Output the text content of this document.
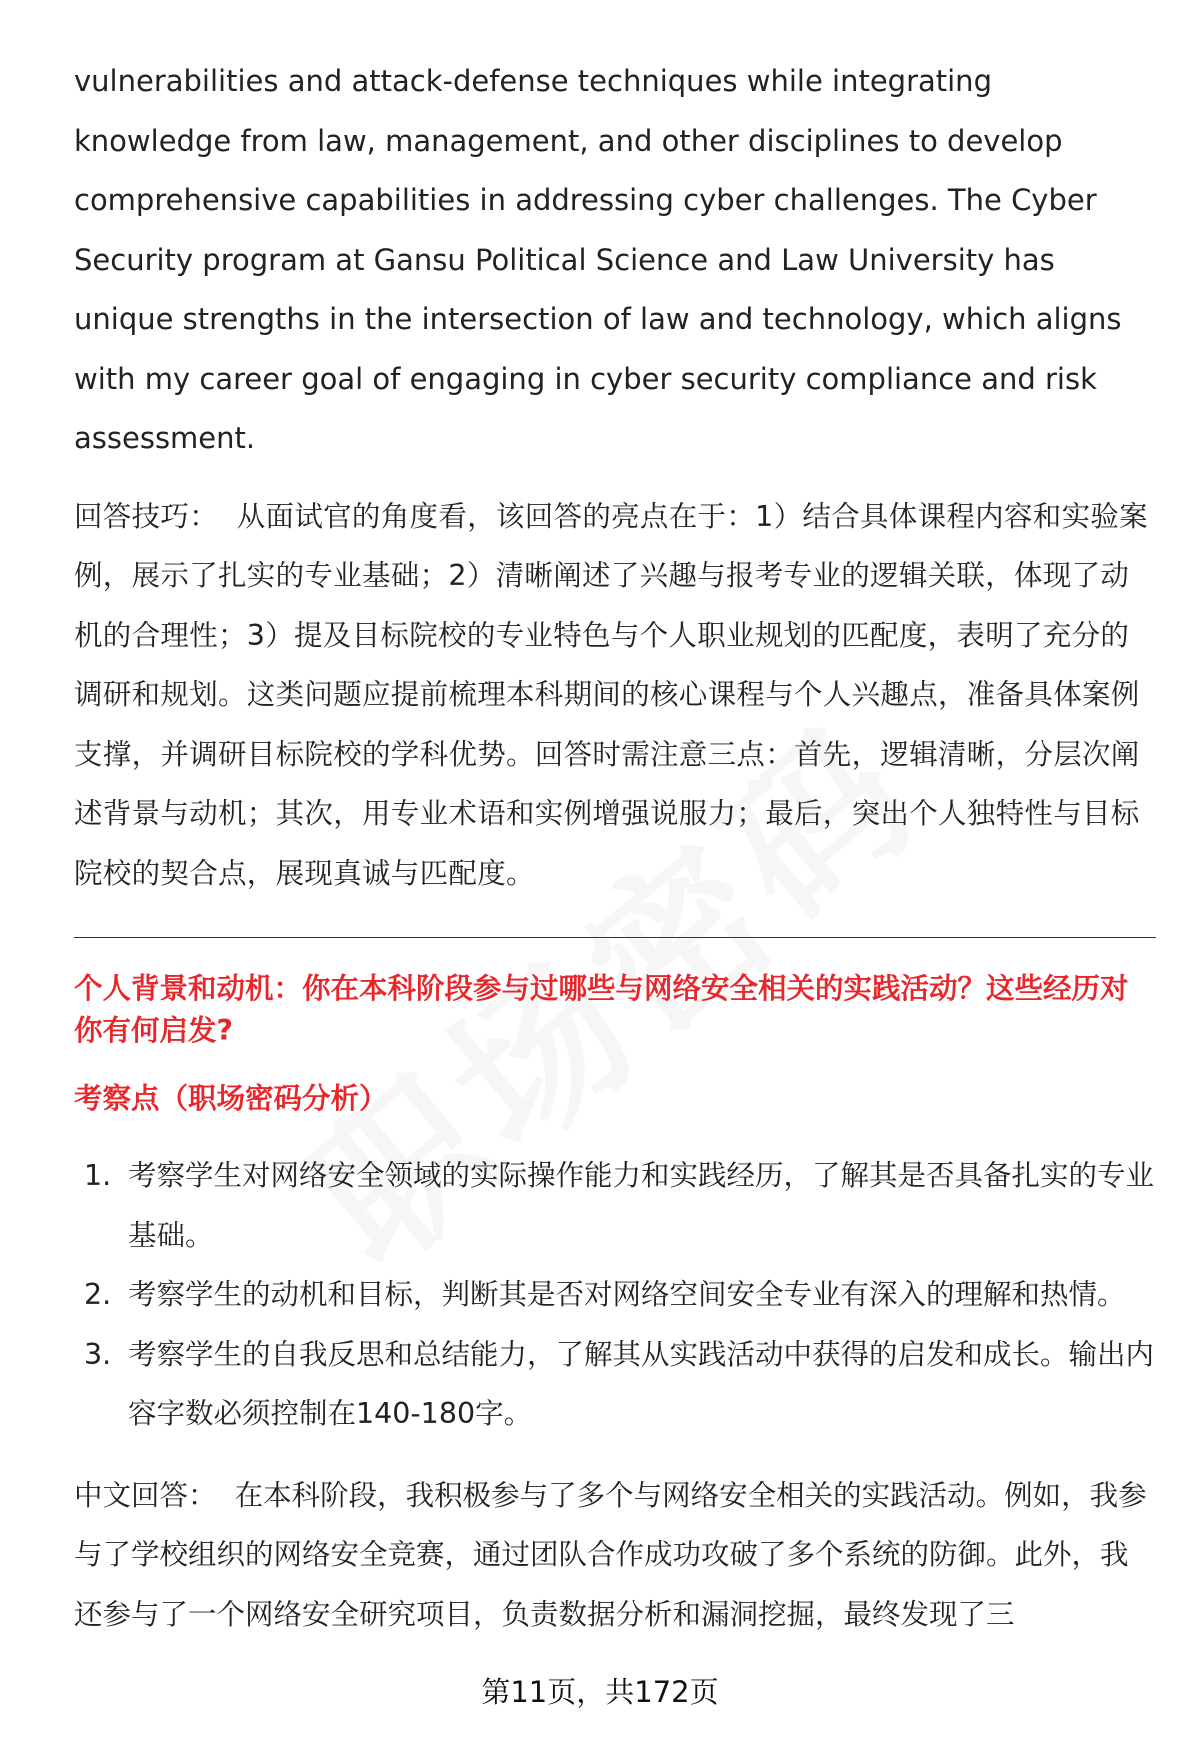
vulnerabilities and attack-defense techniques while integrating knowledge from law, management, and other disciplines to develop comprehensive capabilities in addressing cyber challenges. The Cyber Security program at Gansu Political Science and Law University has unique strengths in the intersection of law and technology, which aligns with my career goal of engaging in cyber security compliance and risk assessment.

回答技巧： 从面试官的角度看，该回答的亮点在于：1）结合具体课程内容和实验案例，展示了扎实的专业基础；2）清晰阐述了兴趣与报考专业的逻辑关联，体现了动机的合理性；3）提及目标院校的专业特色与个人职业规划的匹配度，表明了充分的调研和规划。这类问题应提前梳理本科期间的核心课程与个人兴趣点，准备具体案例支撑，并调研目标院校的学科优势。回答时需注意三点：首先，逻辑清晰，分层次阐述背景与动机；其次，用专业术语和实例增强说服力；最后，突出个人独特性与目标院校的契合点，展现真诚与匹配度。

个人背景和动机：你在本科阶段参与过哪些与网络安全相关的实践活动？这些经历对你有何启发?
考察点（职场密码分析）
1. 考察学生对网络安全领域的实际操作能力和实践经历，了解其是否具备扎实的专业基础。
2. 考察学生的动机和目标，判断其是否对网络空间安全专业有深入的理解和热情。
3. 考察学生的自我反思和总结能力，了解其从实践活动中获得的启发和成长。输出内容字数必须控制在140-180字。

中文回答： 在本科阶段，我积极参与了多个与网络安全相关的实践活动。例如，我参与了学校组织的网络安全竞赛，通过团队合作成功攻破了多个系统的防御。此外，我还参与了一个网络安全研究项目，负责数据分析和漏洞挖掘，最终发现了三

第11页，共172页
